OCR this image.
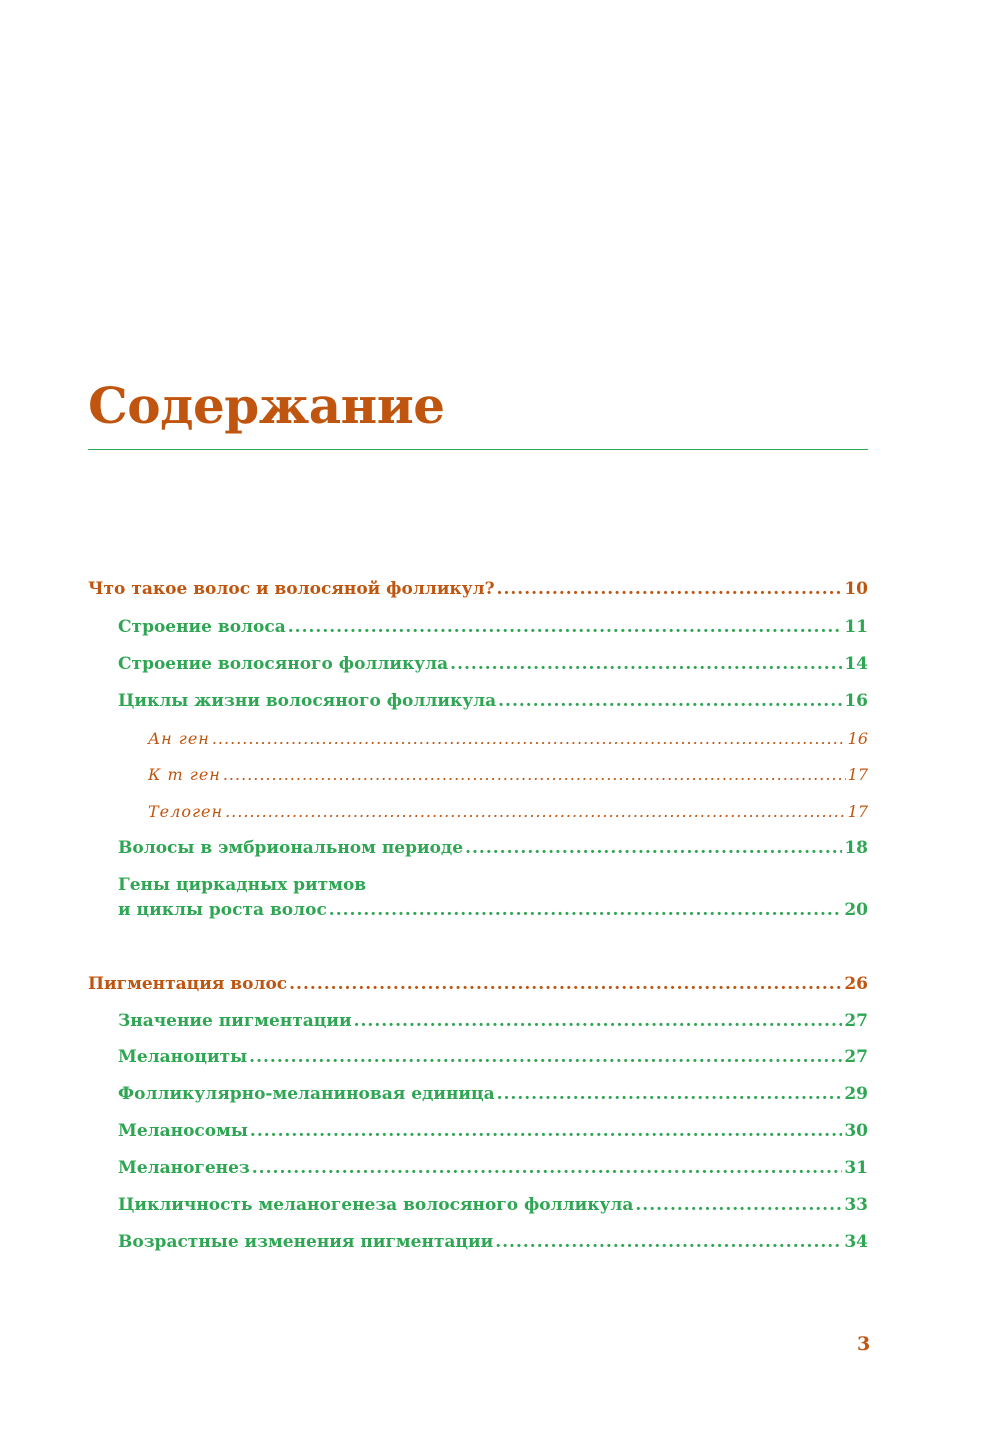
Содержание
Что такое волос и волосяной фолликул? .....	10
Строение волоса .....	11
Строение волосяного фолликула .....	14
Циклы жизни волосяного фолликула .....	16
Ан ген .....	16
К т ген .....	17
Телоген .....	17
Волосы в эмбриональном периоде .....	18
Гены циркадных ритмов
и циклы роста волос .....	20
Пигментация волос .....	26
Значение пигментации .....	27
Меланоциты .....	27
Фолликулярно-меланиновая единица .....	29
Меланосомы .....	30
Меланогенез .....	31
Цикличность меланогенеза волосяного фолликула .....	33
Возрастные изменения пигментации .....	34
3
